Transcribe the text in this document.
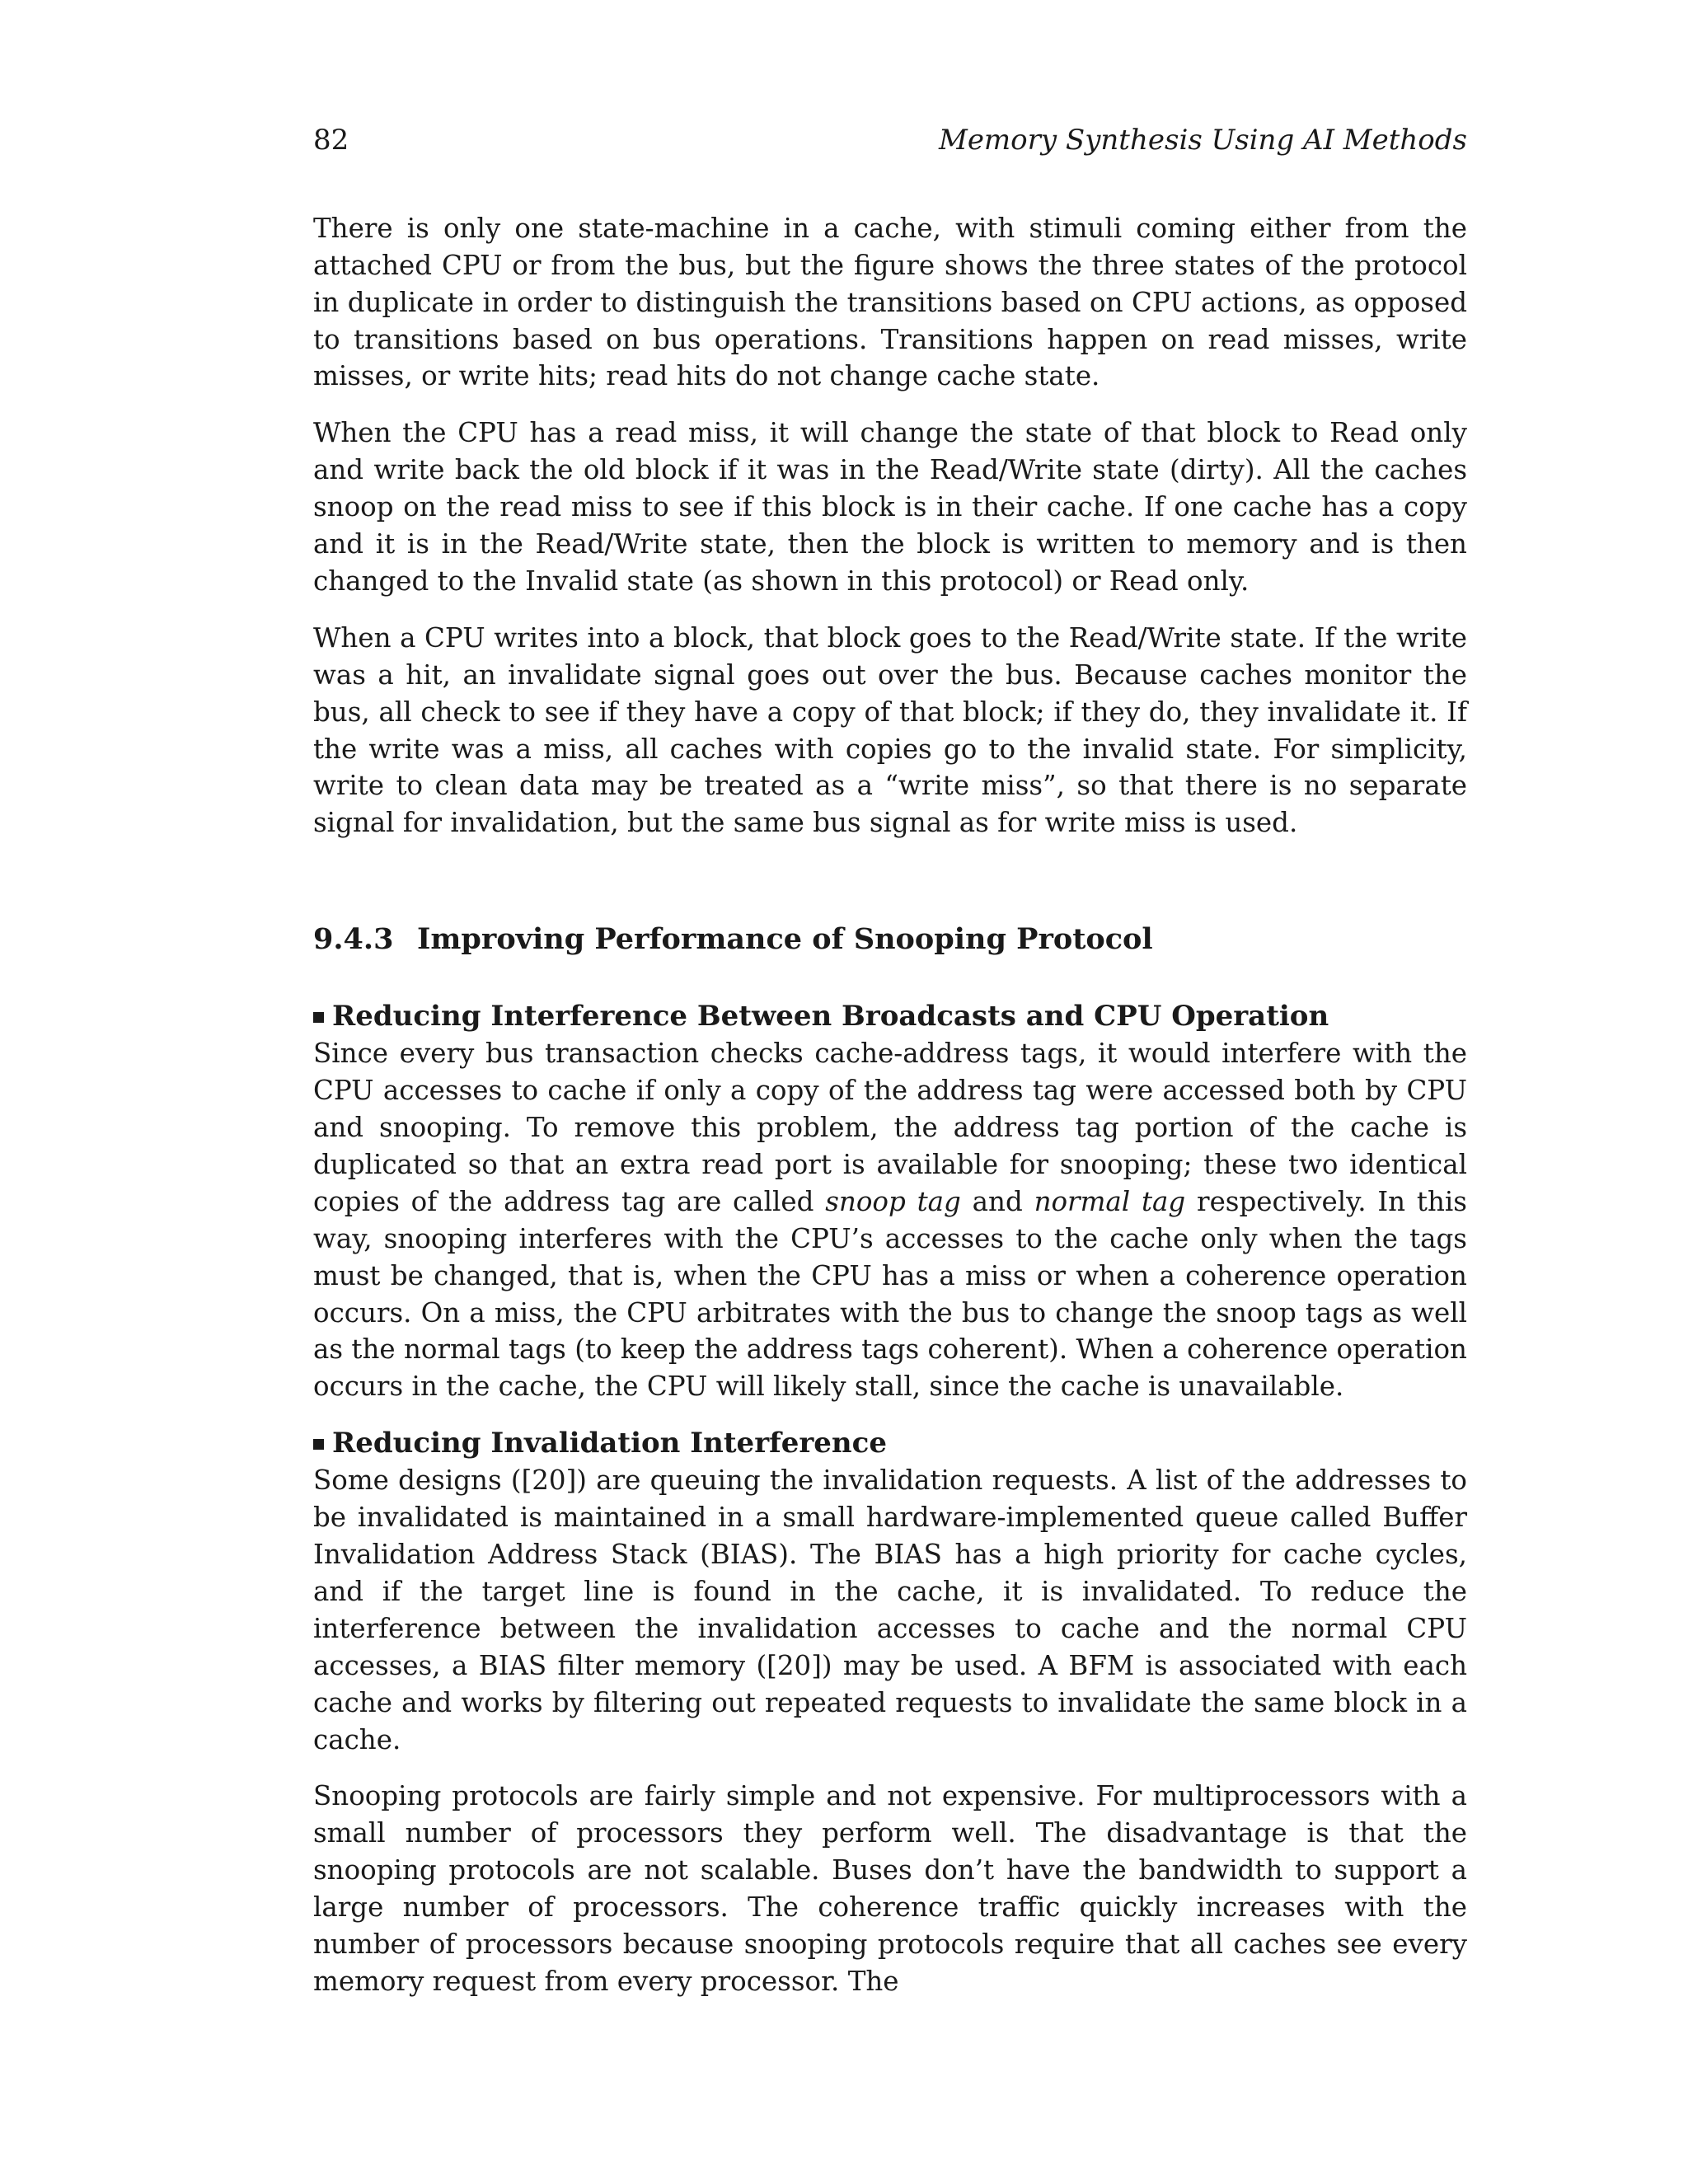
82	Memory Synthesis Using AI Methods

There is only one state-machine in a cache, with stimuli coming either from the attached CPU or from the bus, but the figure shows the three states of the protocol in duplicate in order to distinguish the transitions based on CPU actions, as opposed to transitions based on bus operations. Transitions happen on read misses, write misses, or write hits; read hits do not change cache state.

When the CPU has a read miss, it will change the state of that block to Read only and write back the old block if it was in the Read/Write state (dirty). All the caches snoop on the read miss to see if this block is in their cache. If one cache has a copy and it is in the Read/Write state, then the block is written to memory and is then changed to the Invalid state (as shown in this protocol) or Read only.

When a CPU writes into a block, that block goes to the Read/Write state. If the write was a hit, an invalidate signal goes out over the bus. Because caches monitor the bus, all check to see if they have a copy of that block; if they do, they invalidate it. If the write was a miss, all caches with copies go to the invalid state. For simplicity, write to clean data may be treated as a “write miss”, so that there is no separate signal for invalidation, but the same bus signal as for write miss is used.

9.4.3 Improving Performance of Snooping Protocol
Reducing Interference Between Broadcasts and CPU Operation

Since every bus transaction checks cache-address tags, it would interfere with the CPU accesses to cache if only a copy of the address tag were accessed both by CPU and snooping. To remove this problem, the address tag portion of the cache is duplicated so that an extra read port is available for snooping; these two identical copies of the address tag are called snoop tag and normal tag respectively. In this way, snooping interferes with the CPU’s accesses to the cache only when the tags must be changed, that is, when the CPU has a miss or when a coherence operation occurs. On a miss, the CPU arbitrates with the bus to change the snoop tags as well as the normal tags (to keep the address tags coherent). When a coherence operation occurs in the cache, the CPU will likely stall, since the cache is unavailable.

Reducing Invalidation Interference

Some designs ([20]) are queuing the invalidation requests. A list of the addresses to be invalidated is maintained in a small hardware-implemented queue called Buffer Invalidation Address Stack (BIAS). The BIAS has a high priority for cache cycles, and if the target line is found in the cache, it is invalidated. To reduce the interference between the invalidation accesses to cache and the normal CPU accesses, a BIAS filter memory ([20]) may be used. A BFM is associated with each cache and works by filtering out repeated requests to invalidate the same block in a cache.

Snooping protocols are fairly simple and not expensive. For multiprocessors with a small number of processors they perform well. The disadvantage is that the snooping protocols are not scalable. Buses don’t have the bandwidth to support a large number of processors. The coherence traffic quickly increases with the number of processors because snooping protocols require that all caches see every memory request from every processor. The
